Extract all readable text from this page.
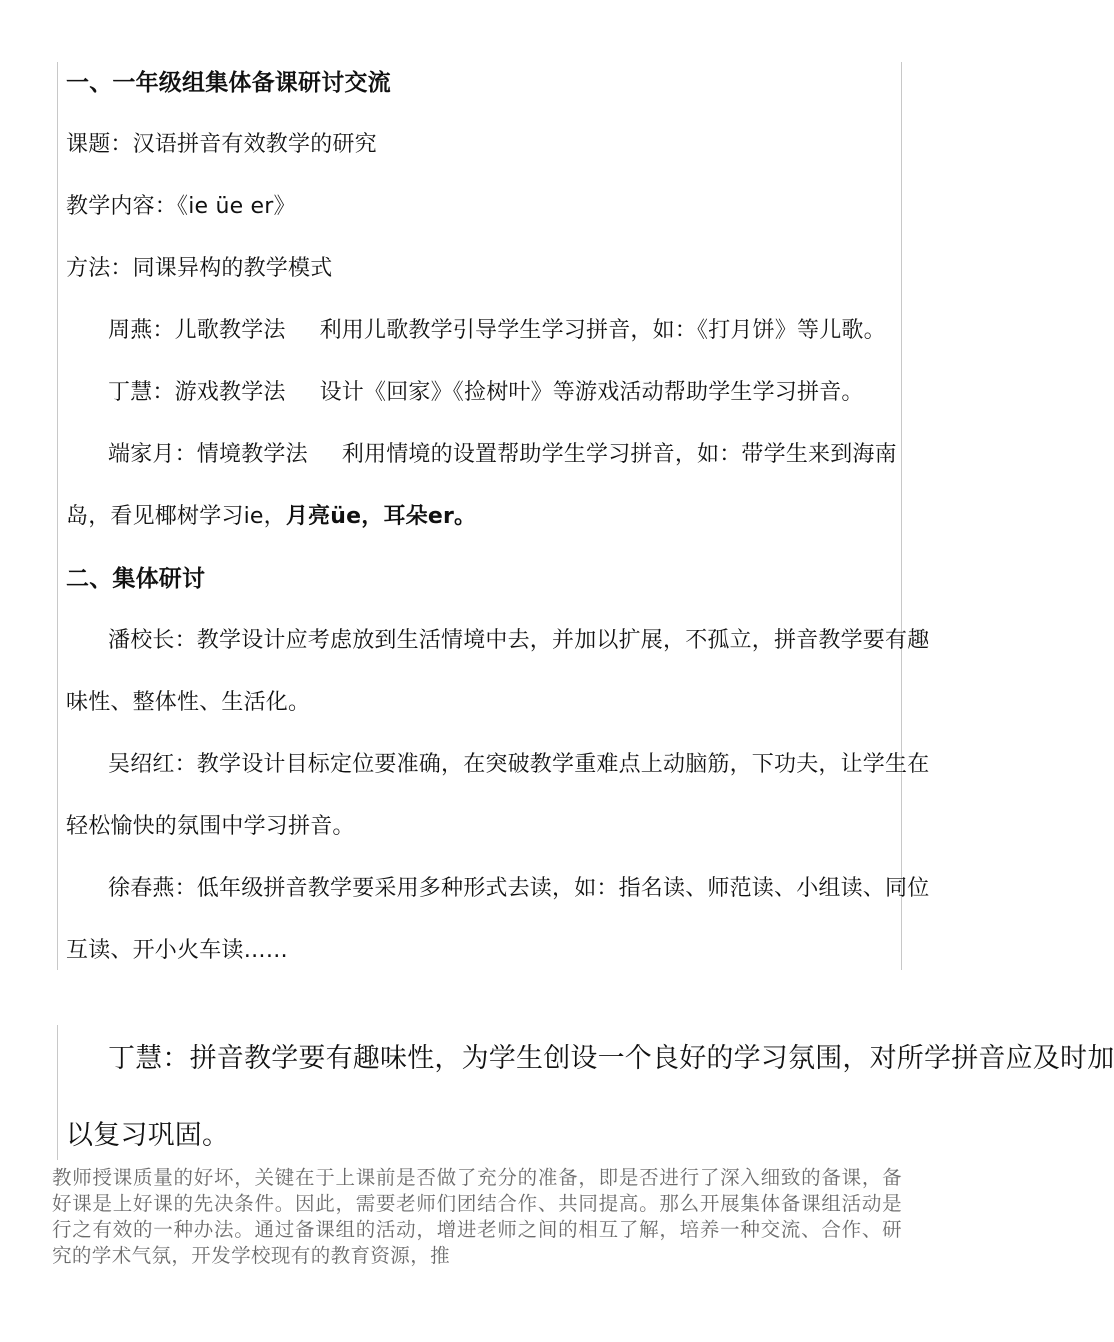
一、一年级组集体备课研讨交流
课题：汉语拼音有效教学的研究
教学内容：《ie üe er》
方法：同课异构的教学模式
周燕：儿歌教学法 利用儿歌教学引导学生学习拼音，如：《打月饼》等儿歌。
丁慧：游戏教学法 设计《回家》《捡树叶》等游戏活动帮助学生学习拼音。
端家月：情境教学法 利用情境的设置帮助学生学习拼音，如：带学生来到海南
岛，看见椰树学习ie，月亮üe，耳朵er。
二、集体研讨
潘校长：教学设计应考虑放到生活情境中去，并加以扩展，不孤立，拼音教学要有趣
味性、整体性、生活化。
吴绍红：教学设计目标定位要准确，在突破教学重难点上动脑筋，下功夫，让学生在
轻松愉快的氛围中学习拼音。
徐春燕：低年级拼音教学要采用多种形式去读，如：指名读、师范读、小组读、同位
互读、开小火车读……
丁慧：拼音教学要有趣味性，为学生创设一个良好的学习氛围，对所学拼音应及时加
以复习巩固。
教师授课质量的好坏，关键在于上课前是否做了充分的准备，即是否进行了深入细致的备课，备好课是上好课的先决条件。因此，需要老师们团结合作、共同提高。那么开展集体备课组活动是行之有效的一种办法。通过备课组的活动，增进老师之间的相互了解，培养一种交流、合作、研究的学术气氛，开发学校现有的教育资源，推
